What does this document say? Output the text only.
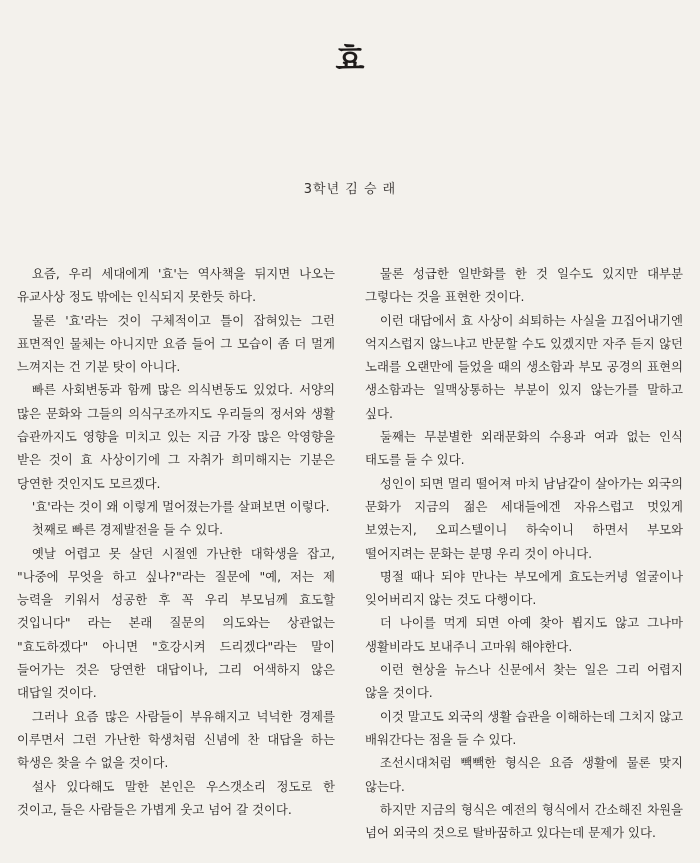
효
3학년 김 승 래

요즘, 우리 세대에게 '효'는 역사책을 뒤지면 나오는 유교사상 정도 밖에는 인식되지 못한듯 하다.

물론 '효'라는 것이 구체적이고 틀이 잡혀있는 그런 표면적인 물체는 아니지만 요즘 들어 그 모습이 좀 더 멀게 느껴지는 건 기분 탓이 아니다.

빠른 사회변동과 함께 많은 의식변동도 있었다. 서양의 많은 문화와 그들의 의식구조까지도 우리들의 정서와 생활 습관까지도 영향을 미치고 있는 지금 가장 많은 악영향을 받은 것이 효 사상이기에 그 자취가 희미해지는 기분은 당연한 것인지도 모르겠다.

'효'라는 것이 왜 이렇게 멀어졌는가를 살펴보면 이렇다.

첫째로 빠른 경제발전을 들 수 있다.

옛날 어렵고 못 살던 시절엔 가난한 대학생을 잡고, "나중에 무엇을 하고 싶나?"라는 질문에 "예, 저는 제 능력을 키워서 성공한 후 꼭 우리 부모님께 효도할 것입니다" 라는 본래 질문의 의도와는 상관없는 "효도하겠다" 아니면 "호강시켜 드리겠다"라는 말이 들어가는 것은 당연한 대답이나, 그리 어색하지 않은 대답일 것이다.

그러나 요즘 많은 사람들이 부유해지고 넉넉한 경제를 이루면서 그런 가난한 학생처럼 신념에 찬 대답을 하는 학생은 찾을 수 없을 것이다.

설사 있다해도 말한 본인은 우스갯소리 정도로 한 것이고, 들은 사람들은 가볍게 웃고 넘어 갈 것이다.

물론 성급한 일반화를 한 것 일수도 있지만 대부분 그렇다는 것을 표현한 것이다.

이런 대답에서 효 사상이 쇠퇴하는 사실을 끄집어내기엔 억지스럽지 않느냐고 반문할 수도 있겠지만 자주 듣지 않던 노래를 오랜만에 들었을 때의 생소함과 부모 공경의 표현의 생소함과는 일맥상통하는 부분이 있지 않는가를 말하고 싶다.

둘째는 무분별한 외래문화의 수용과 여과 없는 인식 태도를 들 수 있다.

성인이 되면 멀리 떨어져 마치 남남같이 살아가는 외국의 문화가 지금의 젊은 세대들에겐 자유스럽고 멋있게 보였는지, 오피스텔이니 하숙이니 하면서 부모와 떨어지려는 문화는 분명 우리 것이 아니다.

명절 때나 되야 만나는 부모에게 효도는커녕 얼굴이나 잊어버리지 않는 것도 다행이다.

더 나이를 먹게 되면 아예 찾아 뵙지도 않고 그나마 생활비라도 보내주니 고마워 해야한다.

이런 현상을 뉴스나 신문에서 찾는 일은 그리 어렵지 않을 것이다.

이것 말고도 외국의 생활 습관을 이해하는데 그치지 않고 배워간다는 점을 들 수 있다.

조선시대처럼 빽빽한 형식은 요즘 생활에 물론 맞지 않는다.

하지만 지금의 형식은 예전의 형식에서 간소해진 차원을 넘어 외국의 것으로 탈바꿈하고 있다는데 문제가 있다.
